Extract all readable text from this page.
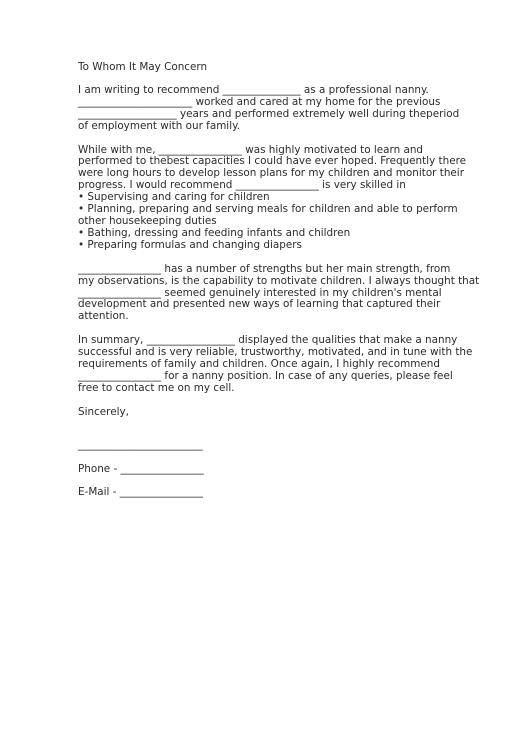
To Whom It May Concern

I am writing to recommend _______________ as a professional nanny.

______________________ worked and cared at my home for the previous

___________________ years and performed extremely well during theperiod

of employment with our family.

While with me, ________________ was highly motivated to learn and

performed to thebest capacities I could have ever hoped. Frequently there

were long hours to develop lesson plans for my children and monitor their

progress. I would recommend ________________ is very skilled in

• Supervising and caring for children

• Planning, preparing and serving meals for children and able to perform

other housekeeping duties

• Bathing, dressing and feeding infants and children

• Preparing formulas and changing diapers

________________ has a number of strengths but her main strength, from

my observations, is the capability to motivate children. I always thought that

________________ seemed genuinely interested in my children's mental

development and presented new ways of learning that captured their

attention.

In summary, _________________ displayed the qualities that make a nanny

successful and is very reliable, trustworthy, motivated, and in tune with the

requirements of family and children. Once again, I highly recommend

________________ for a nanny position. In case of any queries, please feel

free to contact me on my cell.

Sincerely,

________________________

Phone - ________________

E-Mail - ________________
